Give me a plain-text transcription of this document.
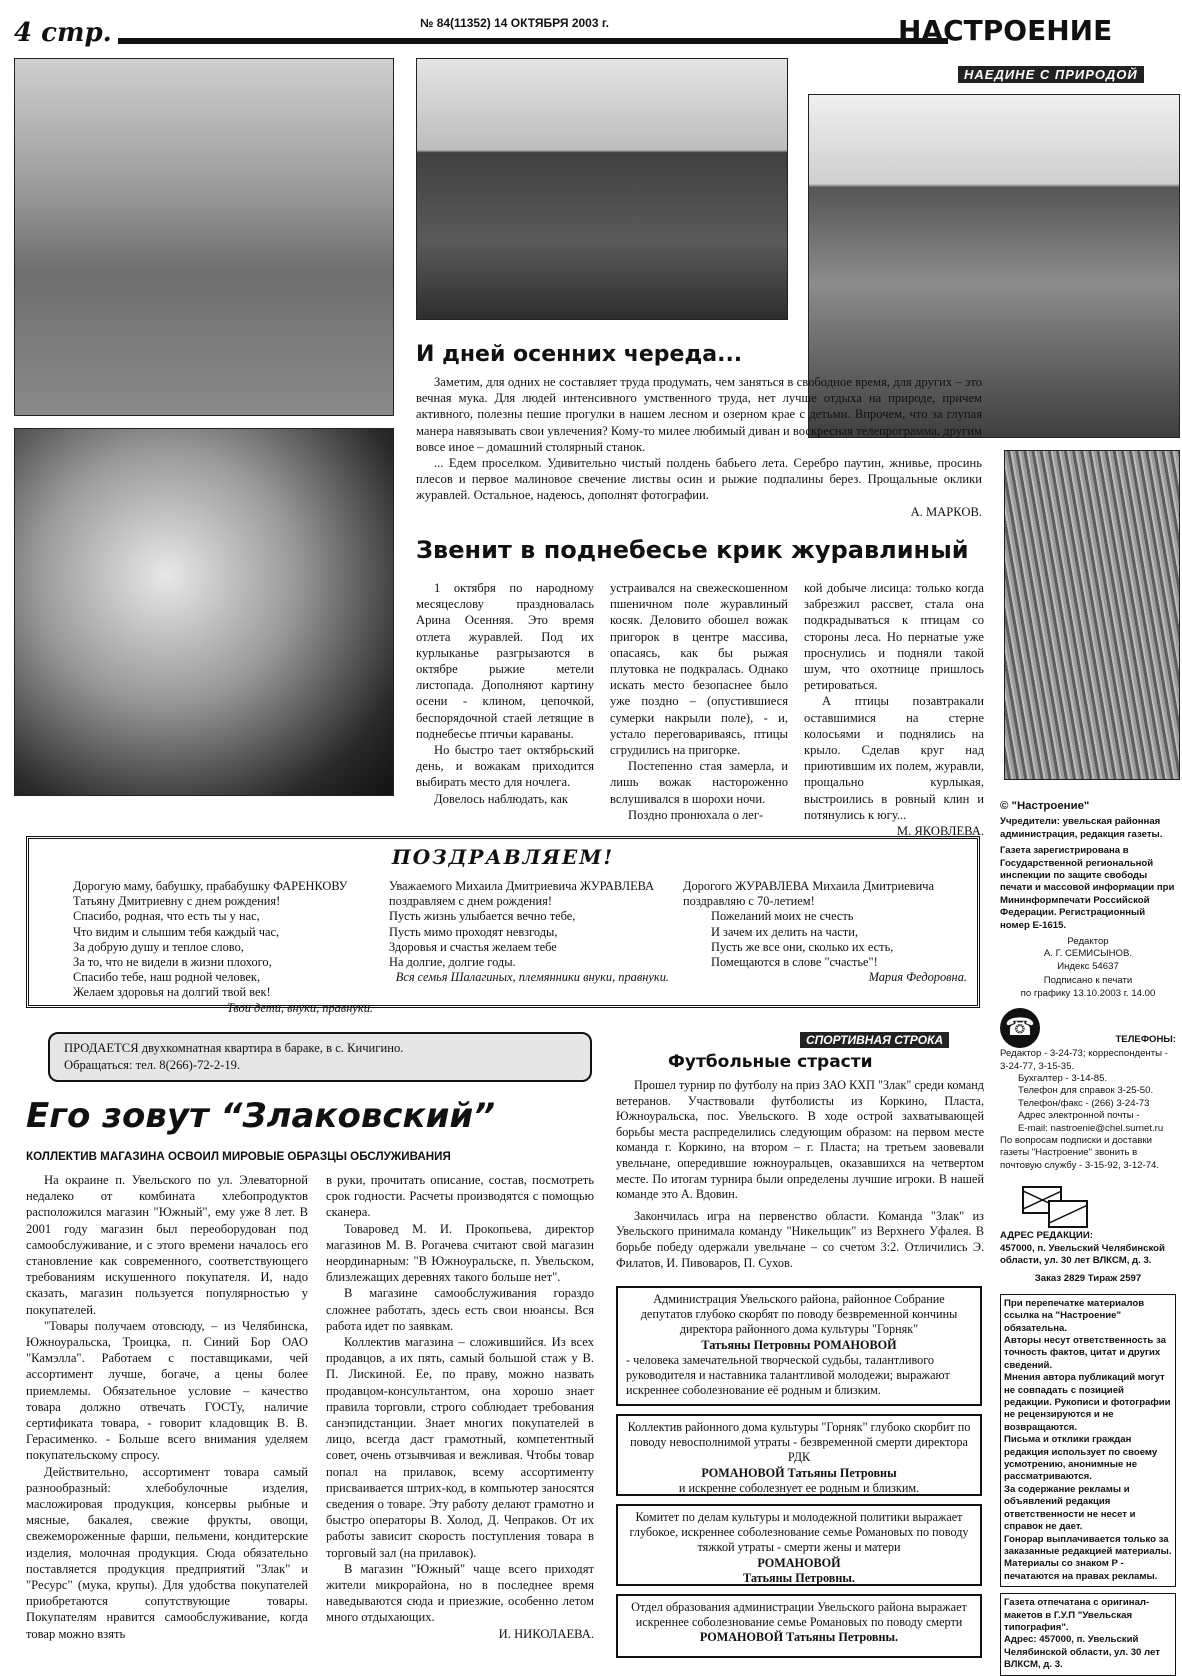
4 стр.	№ 84(11352) 14 ОКТЯБРЯ 2003 г.	НАСТРОЕНИЕ
НАЕДИНЕ С ПРИРОДОЙ
И дней осенних череда...

Заметим, для одних не составляет труда продумать, чем заняться в свободное время, для других – это вечная мука. Для людей интенсивного умственного труда, нет лучше отдыха на природе, причем активного, полезны пешие прогулки в нашем лесном и озерном крае с детьми. Впрочем, что за глупая манера навязывать свои увлечения? Кому-то милее любимый диван и воскресная телепрограмма, другим вовсе иное – домашний столярный станок.

... Едем проселком. Удивительно чистый полдень бабьего лета. Серебро паутин, жнивье, просинь плесов и первое малиновое свечение листвы осин и рыжие подпалины берез. Прощальные оклики журавлей. Остальное, надеюсь, дополнят фотографии.

А. МАРКОВ.
Звенит в поднебесье крик журавлиный

1 октября по народному месяцеслову праздновалась Арина Осенняя. Это время отлета журавлей. Под их курлыканье разгрызаются в октябре рыжие метели листопада. Дополняют картину осени - клином, цепочкой, беспорядочной стаей летящие в поднебесье птичьи караваны.

Но быстро тает октябрьский день, и вожакам приходится выбирать место для ночлега.

Довелось наблюдать, как

устраивался на свежескошенном пшеничном поле журавлиный косяк. Деловито обошел вожак пригорок в центре массива, опасаясь, как бы рыжая плутовка не подкралась. Однако искать место безопаснее было уже поздно – (опустившиеся сумерки накрыли поле), - и, устало переговариваясь, птицы сгрудились на пригорке.

Постепенно стая замерла, и лишь вожак настороженно вслушивался в шорохи ночи.

Поздно пронюхала о лег-

кой добыче лисица: только когда забрезжил рассвет, стала она подкрадываться к птицам со стороны леса. Но пернатые уже проснулись и подняли такой шум, что охотнице пришлось ретироваться.

А птицы позавтракали оставшимися на стерне колосьями и поднялись на крыло. Сделав круг над приютившим их полем, журавли, прощально курлыкая, выстроились в ровный клин и потянулись к югу...

М. ЯКОВЛЕВА.
ПОЗДРАВЛЯЕМ!
Дорогую маму, бабушку, прабабушку ФАРЕНКОВУ Татьяну Дмитриевну с днем рождения!
Спасибо, родная, что есть ты у нас,
Что видим и слышим тебя каждый час,
За добрую душу и теплое слово,
За то, что не видели в жизни плохого,
Спасибо тебе, наш родной человек,
Желаем здоровья на долгий твой век!
Твои дети, внуки, правнуки.
Уважаемого Михаила Дмитриевича ЖУРАВЛЕВА поздравляем с днем рождения!
Пусть жизнь улыбается вечно тебе,
Пусть мимо проходят невзгоды,
Здоровья и счастья желаем тебе
На долгие, долгие годы.
Вся семья Шалагиных, племянники внуки, правнуки.
Дорогого ЖУРАВЛЕВА Михаила Дмитриевича поздравляю с 70-летием!
Пожеланий моих не счесть
И зачем их делить на части,
Пусть же все они, сколько их есть,
Помещаются в слове "счастье"!
Мария Федоровна.
ПРОДАЕТСЯ двухкомнатная квартира в бараке, в с. Кичигино.
Обращаться: тел. 8(266)-72-2-19.
Его зовут “Злаковский”
КОЛЛЕКТИВ МАГАЗИНА ОСВОИЛ МИРОВЫЕ ОБРАЗЦЫ ОБСЛУЖИВАНИЯ

На окраине п. Увельского по ул. Элеваторной недалеко от комбината хлебопродуктов расположился магазин "Южный", ему уже 8 лет. В 2001 году магазин был переоборудован под самообслуживание, и с этого времени началось его становление как современного, соответствующего требованиям искушенного покупателя. И, надо сказать, магазин пользуется популярностью у покупателей.

"Товары получаем отовсюду, – из Челябинска, Южноуральска, Троицка, п. Синий Бор ОАО "Камэлла". Работаем с поставщиками, чей ассортимент лучше, богаче, а цены более приемлемы. Обязательное условие – качество товара должно отвечать ГОСТу, наличие сертификата товара, - говорит кладовщик В. В. Герасименко. - Больше всего внимания уделяем покупательскому спросу.

Действительно, ассортимент товара самый разнообразный: хлебобулочные изделия, масложировая продукция, консервы рыбные и мясные, бакалея, свежие фрукты, овощи, свежемороженные фарши, пельмени, кондитерские изделия, молочная продукция. Сюда обязательно поставляется продукция предприятий "Злак" и "Ресурс" (мука, крупы). Для удобства покупателей приобретаются сопутствующие товары. Покупателям нравится самообслуживание, когда товар можно взять

в руки, прочитать описание, состав, посмотреть срок годности. Расчеты производятся с помощью сканера.

Товаровед М. И. Прокопьева, директор магазинов М. В. Рогачева считают свой магазин неординарным: "В Южноуральске, п. Увельском, близлежащих деревнях такого больше нет".

В магазине самообслуживания гораздо сложнее работать, здесь есть свои нюансы. Вся работа идет по заявкам.

Коллектив магазина – сложившийся. Из всех продавцов, а их пять, самый большой стаж у В. П. Лискиной. Ее, по праву, можно назвать продавцом-консультантом, она хорошо знает правила торговли, строго соблюдает требования санэпидстанции. Знает многих покупателей в лицо, всегда даст грамотный, компетентный совет, очень отзывчивая и вежливая. Чтобы товар попал на прилавок, всему ассортименту присваивается штрих-код, в компьютер заносятся сведения о товаре. Эту работу делают грамотно и быстро операторы В. Холод, Д. Чепраков. От их работы зависит скорость поступления товара в торговый зал (на прилавок).

В магазин "Южный" чаще всего приходят жители микрорайона, но в последнее время наведываются сюда и приезжие, особенно летом много отдыхающих.

И. НИКОЛАЕВА.
СПОРТИВНАЯ СТРОКА
Футбольные страсти

Прошел турнир по футболу на приз ЗАО КХП "Злак" среди команд ветеранов. Участвовали футболисты из Коркино, Пласта, Южноуральска, пос. Увельского. В ходе острой захватывающей борьбы места распределились следующим образом: на первом месте команда г. Коркино, на втором – г. Пласта; на третьем заовевали увельчане, опередившие южноуральцев, оказавшихся на четвертом месте. По итогам турнира были определены лучшие игроки. В нашей команде это А. Вдовин.

Закончилась игра на первенство области. Команда "Злак" из Увельского принимала команду "Никельщик" из Верхнего Уфалея. В борьбе победу одержали увельчане – со счетом 3:2. Отличились Э. Филатов, И. Пивоваров, П. Сухов.

Администрация Увельского района, районное Собрание депутатов глубоко скорбят по поводу безвременной кончины директора районного дома культуры "Горняк"
Татьяны Петровны РОМАНОВОЙ
- человека замечательной творческой судьбы, талантливого руководителя и наставника талантливой молодежи; выражают искреннее соболезнование её родным и близким.
Коллектив районного дома культуры "Горняк" глубоко скорбит по поводу невосполнимой утраты - безвременной смерти директора РДК
РОМАНОВОЙ Татьяны Петровны
и искренне соболезнует ее родным и близким.
Комитет по делам культуры и молодежной политики выражает глубокое, искреннее соболезнование семье Романовых по поводу тяжкой утраты - смерти жены и матери
РОМАНОВОЙ
Татьяны Петровны.
Отдел образования администрации Увельского района выражает искреннее соболезнование семье Романовых по поводу смерти
РОМАНОВОЙ Татьяны Петровны.
© "Настроение"
Учредители: увельская районная администрация, редакция газеты.
Газета зарегистрирована в Государственной региональной инспекции по защите свободы печати и массовой информации при Мининформпечати Российской Федерации. Регистрационный номер Е-1615.
Редактор
А. Г. СЕМИСЫНОВ.
Индекс 54637
Подписано к печати
по графику 13.10.2003 г. 14.00
☎	ТЕЛЕФОНЫ:
Редактор - 3-24-73; корреспонденты - 3-24-77, 3-15-35.
Бухгалтер - 3-14-85.
Телефон для справок 3-25-50.
Телефон/факс - (266) 3-24-73
Адрес электронной почты -
E-mail: nastroenie@chel.surnet.ru
По вопросам подписки и доставки газеты "Настроение" звонить в почтовую службу - 3-15-92, 3-12-74.
АДРЕС РЕДАКЦИИ:
457000, п. Увельский Челябинской области, ул. 30 лет ВЛКСМ, д. 3.
Заказ 2829 Тираж 2597
При перепечатке материалов ссылка на "Настроение" обязательна.
Авторы несут ответственность за точность фактов, цитат и других сведений.
Мнения автора публикаций могут не совпадать с позицией редакции. Рукописи и фотографии не рецензируются и не возвращаются.
Письма и отклики граждан редакция использует по своему усмотрению, анонимные не рассматриваются.
За содержание рекламы и объявлений редакция ответственности не несет и справок не дает.
Гонорар выплачивается только за заказанные редакцией материалы.
Материалы со знаком Р - печатаются на правах рекламы.
Газета отпечатана с оригинал-макетов в Г.У.П "Увельская типография".
Адрес: 457000, п. Увельский Челябинской области, ул. 30 лет ВЛКСМ, д. 3.
